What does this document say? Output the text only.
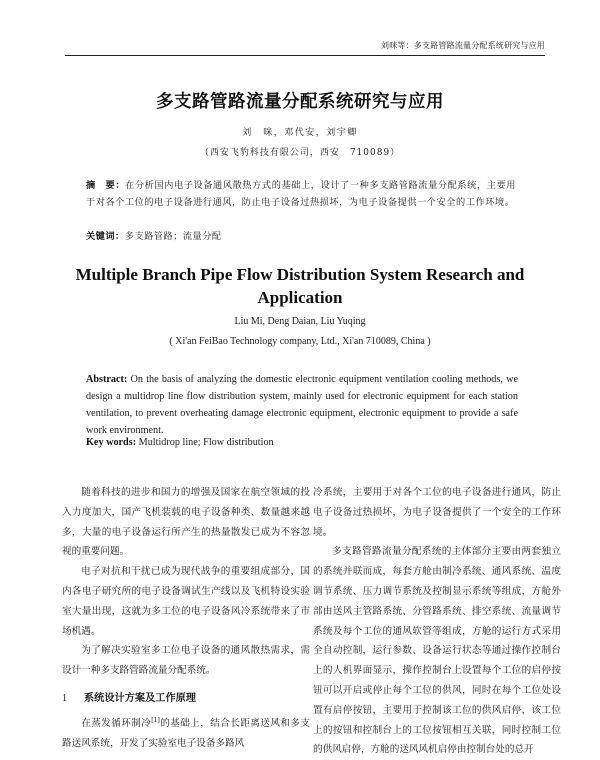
刘咪等：多支路管路流量分配系统研究与应用
多支路管路流量分配系统研究与应用
刘　咪，邓代安，刘宇卿
（西安飞豹科技有限公司，西安　710089）
摘　要：在分析国内电子设备通风散热方式的基础上，设计了一种多支路管路流量分配系统，主要用于对各个工位的电子设备进行通风，防止电子设备过热损坏，为电子设备提供一个安全的工作环境。
关键词：多支路管路；流量分配
Multiple Branch Pipe Flow Distribution System Research and Application
Liu Mi, Deng Daian, Liu Yuqing
( Xi'an FeiBao Technology company, Ltd., Xi'an 710089, China )
Abstract: On the basis of analyzing the domestic electronic equipment ventilation cooling methods, we design a multidrop line flow distribution system, mainly used for electronic equipment for each station ventilation, to prevent overheating damage electronic equipment, electronic equipment to provide a safe work environment.
Key words: Multidrop line; Flow distribution

随着科技的进步和国力的增强及国家在航空领域的投入力度加大，国产飞机装载的电子设备种类、数量越来越多，大量的电子设备运行所产生的热量散发已成为不容忽视的重要问题。

电子对抗和干扰已成为现代战争的重要组成部分，国内各电子研究所的电子设备调试生产线以及飞机特设实验室大量出现，这就为多工位的电子设备风冷系统带来了市场机遇。

为了解决实验室多工位电子设备的通风散热需求，需设计一种多支路管路流量分配系统。

1 系统设计方案及工作原理

在蒸发循环制冷[1]的基础上，结合长距离送风和多支路送风系统，开发了实验室电子设备多路风

冷系统，主要用于对各个工位的电子设备进行通风，防止电子设备过热损坏，为电子设备提供了一个安全的工作环境。

多支路管路流量分配系统的主体部分主要由两套独立的系统并联而成，每套方舱由制冷系统、通风系统、温度调节系统、压力调节系统及控制显示系统等组成，方舱外部由送风主管路系统、分管路系统、排空系统、流量调节系统及每个工位的通风软管等组成，方舱的运行方式采用全自动控制，运行参数、设备运行状态等通过操作控制台上的人机界面显示，操作控制台上设置每个工位的启停按钮可以开启或停止每个工位的供风，同时在每个工位处设置有启停按钮，主要用于控制该工位的供风启停，该工位上的按钮和控制台上的工位按钮相互关联，同时控制工位的供风启停，方舱的送风风机启停由控制台处的总开
